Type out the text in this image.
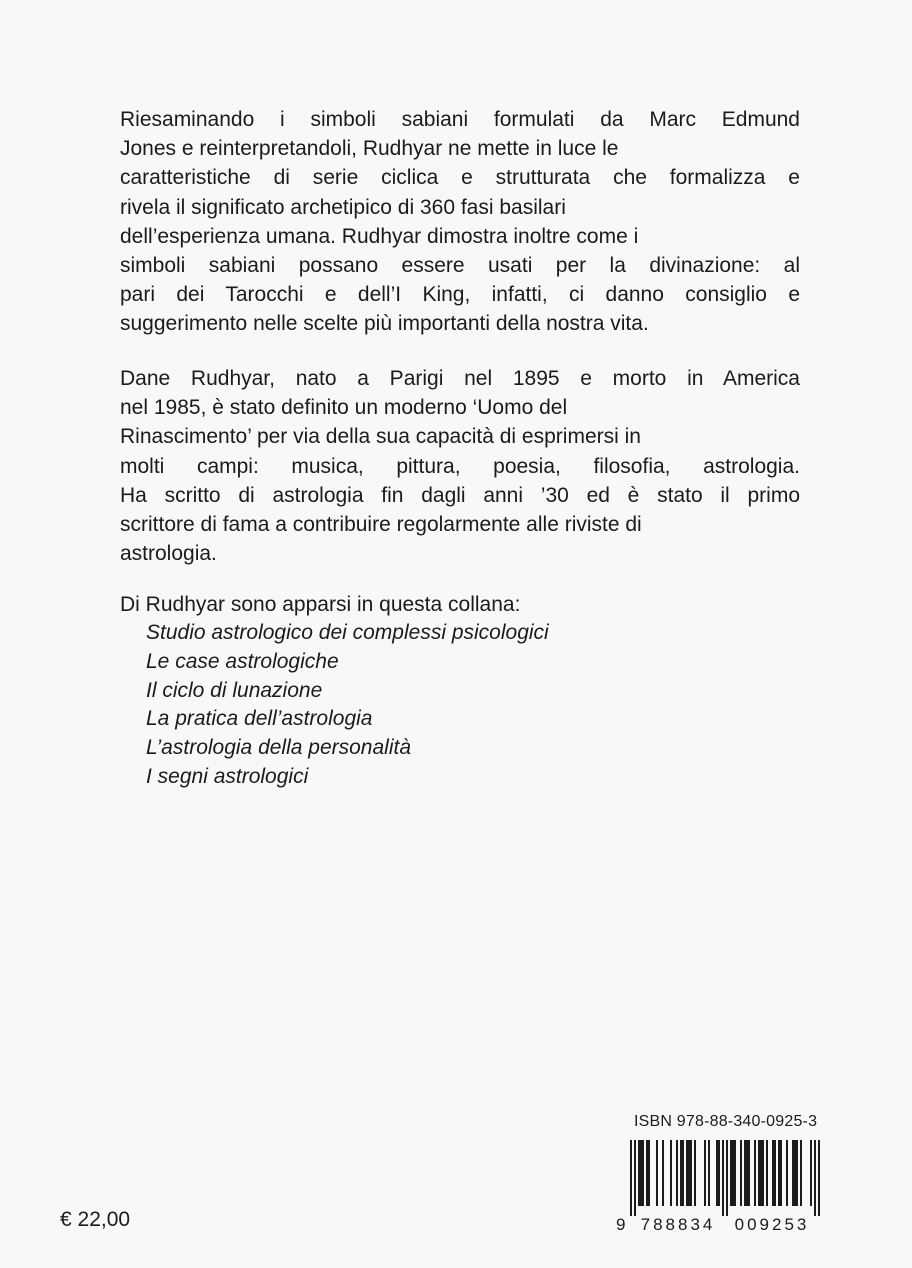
Riesaminando i simboli sabiani formulati da Marc Edmund
Jones e reinterpretandoli, Rudhyar ne mette in luce le
caratteristiche di serie ciclica e strutturata che formalizza e
rivela il significato archetipico di 360 fasi basilari
dell’esperienza umana. Rudhyar dimostra inoltre come i
simboli sabiani possano essere usati per la divinazione: al
pari dei Tarocchi e dell’I King, infatti, ci danno consiglio e
suggerimento nelle scelte più importanti della nostra vita.
Dane Rudhyar, nato a Parigi nel 1895 e morto in America
nel 1985, è stato definito un moderno ‘Uomo del
Rinascimento’ per via della sua capacità di esprimersi in
molti campi: musica, pittura, poesia, filosofia, astrologia.
Ha scritto di astrologia fin dagli anni ’30 ed è stato il primo
scrittore di fama a contribuire regolarmente alle riviste di
astrologia.
Di Rudhyar sono apparsi in questa collana:
Studio astrologico dei complessi psicologici
Le case astrologiche
Il ciclo di lunazione
La pratica dell’astrologia
L’astrologia della personalità
I segni astrologici
€ 22,00
ISBN 978-88-340-0925-3
9 788834 009253
